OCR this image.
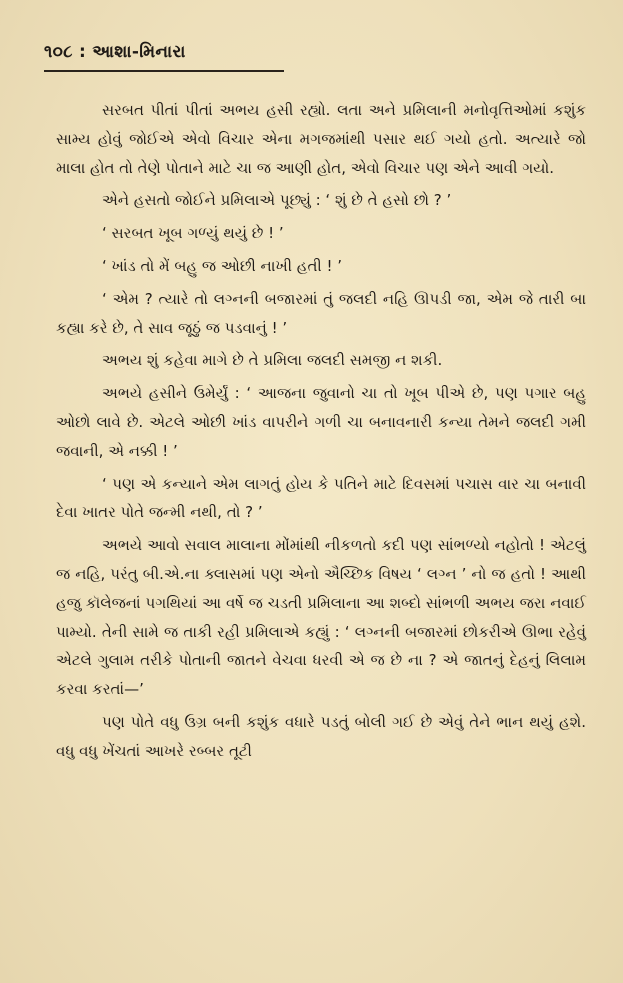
૧૦૮ : આશા-મિનારા

સરબત પીતાં પીતાં અભય હસી રહ્યો. લતા અને પ્રમિલાની મનોવૃત્તિઓમાં કશુંક સામ્ય હોવું જોઈએ એવો વિચાર એના મગજમાંથી પસાર થઈ ગયો હતો. અત્યારે જો માલા હોત તો તેણે પોતાને માટે ચા જ આણી હોત, એવો વિચાર પણ એને આવી ગયો.

એને હસતો જોઈને પ્રમિલાએ પૂછ્યું : ‘ શું છે તે હસો છો ? ’

‘ સરબત ખૂબ ગળ્યું થયું છે ! ’

‘ ખાંડ તો મેં બહુ જ ઓછી નાખી હતી ! ’

‘ એમ ? ત્યારે તો લગ્નની બજારમાં તું જલદી નહિ ઊપડી જા, એમ જે તારી બા કહ્યા કરે છે, તે સાવ જૂઠું જ પડવાનું ! ’

અભય શું કહેવા માગે છે તે પ્રમિલા જલદી સમજી ન શકી.

અભયે હસીને ઉમેર્યું : ‘ આજના જુવાનો ચા તો ખૂબ પીએ છે, પણ પગાર બહુ ઓછો લાવે છે. એટલે ઓછી ખાંડ વાપરીને ગળી ચા બનાવનારી કન્યા તેમને જલદી ગમી જવાની, એ નક્કી ! ’

‘ પણ એ કન્યાને એમ લાગતું હોય કે પતિને માટે દિવસમાં પચાસ વાર ચા બનાવી દેવા ખાતર પોતે જન્મી નથી, તો ? ’

અભયે આવો સવાલ માલાના મોંમાંથી નીકળતો કદી પણ સાંભળ્યો નહોતો ! એટલું જ નહિ, પરંતુ બી.એ.ના ક્લાસમાં પણ એનો ઐચ્છિક વિષય ‘ લગ્ન ’ નો જ હતો ! આથી હજુ કૉલેજનાં પગથિયાં આ વર્ષે જ ચડતી પ્રમિલાના આ શબ્દો સાંભળી અભય જરા નવાઈ પામ્યો. તેની સામે જ તાકી રહી પ્રમિલાએ કહ્યું : ‘ લગ્નની બજારમાં છોકરીએ ઊભા રહેવું એટલે ગુલામ તરીકે પોતાની જાતને વેચવા ધરવી એ જ છે ના ? એ જાતનું દેહનું લિલામ કરવા કરતાં—’

પણ પોતે વધુ ઉગ્ર બની કશુંક વધારે પડતું બોલી ગઈ છે એવું તેને ભાન થયું હશે. વધુ વધુ ખેંચતાં આખરે રબ્બર તૂટી
